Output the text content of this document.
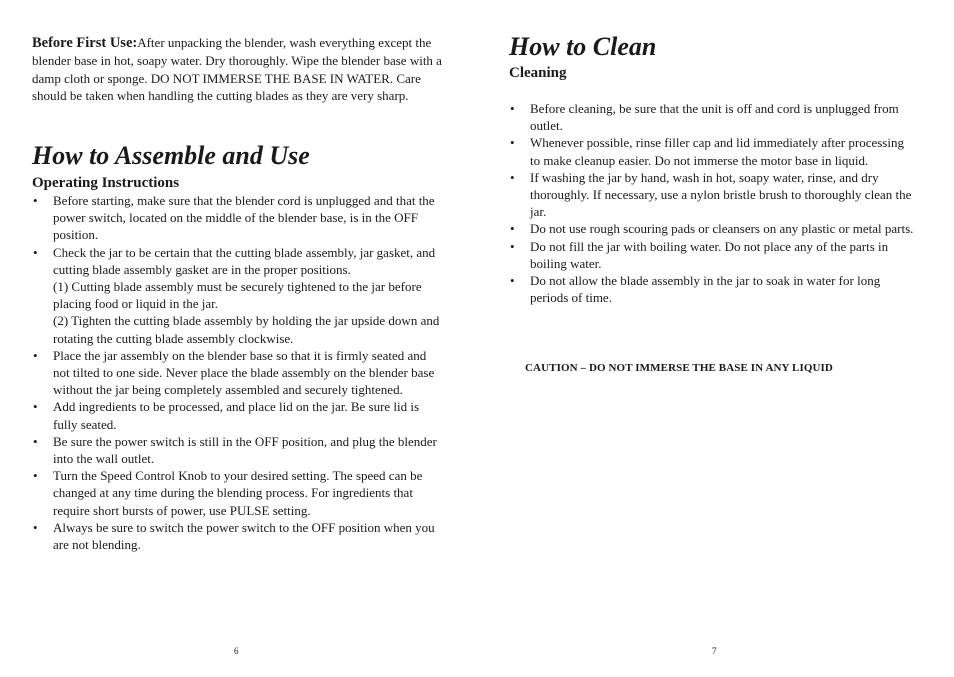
Before First Use:After unpacking the blender, wash everything except the blender base in hot, soapy water. Dry thoroughly. Wipe the blender base with a damp cloth or sponge. DO NOT IMMERSE THE BASE IN WATER. Care should be taken when handling the cutting blades as they are very sharp.

How to Assemble and Use
Operating Instructions
• Before starting, make sure that the blender cord is unplugged and that the power switch, located on the middle of the blender base, is in the OFF position.
• Check the jar to be certain that the cutting blade assembly, jar gasket, and cutting blade assembly gasket are in the proper positions.
(1) Cutting blade assembly must be securely tightened to the jar before placing food or liquid in the jar.
(2) Tighten the cutting blade assembly by holding the jar upside down and rotating the cutting blade assembly clockwise.
• Place the jar assembly on the blender base so that it is firmly seated and not tilted to one side. Never place the blade assembly on the blender base without the jar being completely assembled and securely tightened.
• Add ingredients to be processed, and place lid on the jar. Be sure lid is fully seated.
• Be sure the power switch is still in the OFF position, and plug the blender into the wall outlet.
• Turn the Speed Control Knob to your desired setting. The speed can be changed at any time during the blending process. For ingredients that require short bursts of power, use PULSE setting.
• Always be sure to switch the power switch to the OFF position when you are not blending.
6
How to Clean
Cleaning
• Before cleaning, be sure that the unit is off and cord is unplugged from outlet.
• Whenever possible, rinse filler cap and lid immediately after processing to make cleanup easier. Do not immerse the motor base in liquid.
• If washing the jar by hand, wash in hot, soapy water, rinse, and dry thoroughly. If necessary, use a nylon bristle brush to thoroughly clean the jar.
• Do not use rough scouring pads or cleansers on any plastic or metal parts.
• Do not fill the jar with boiling water. Do not place any of the parts in boiling water.
• Do not allow the blade assembly in the jar to soak in water for long periods of time.

CAUTION – DO NOT IMMERSE THE BASE IN ANY LIQUID

7
